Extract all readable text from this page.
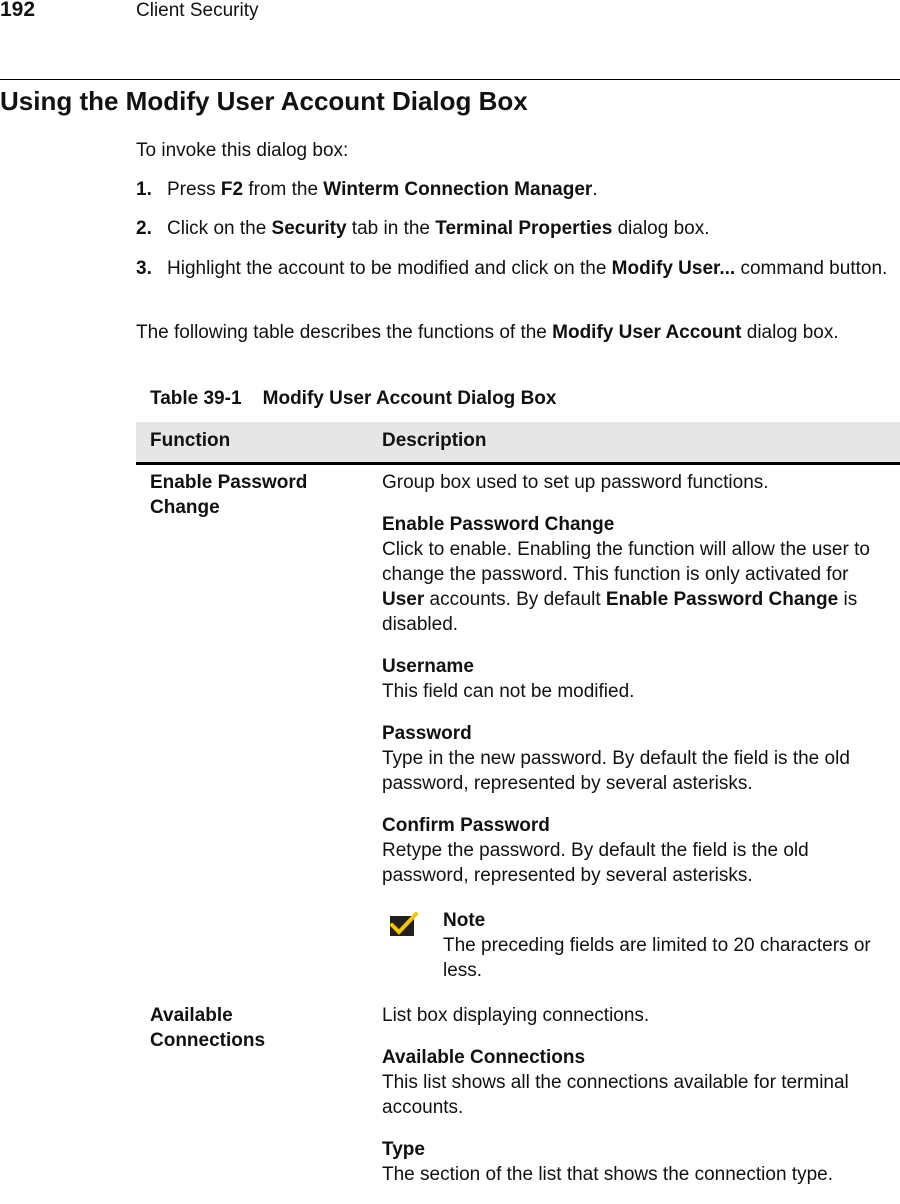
192	Client Security
Using the Modify User Account Dialog Box
To invoke this dialog box:
1. Press F2 from the Winterm Connection Manager.
2. Click on the Security tab in the Terminal Properties dialog box.
3. Highlight the account to be modified and click on the Modify User... command button.
The following table describes the functions of the Modify User Account dialog box.
Table 39-1    Modify User Account Dialog Box
Function	Description
Enable Password Change

Group box used to set up password functions.

Enable Password Change
Click to enable. Enabling the function will allow the user to change the password. This function is only activated for User accounts. By default Enable Password Change is disabled.

Username
This field can not be modified.

Password
Type in the new password. By default the field is the old password, represented by several asterisks.

Confirm Password
Retype the password. By default the field is the old password, represented by several asterisks.

Note
The preceding fields are limited to 20 characters or less.
Available Connections

List box displaying connections.

Available Connections
This list shows all the connections available for terminal accounts.

Type
The section of the list that shows the connection type.
